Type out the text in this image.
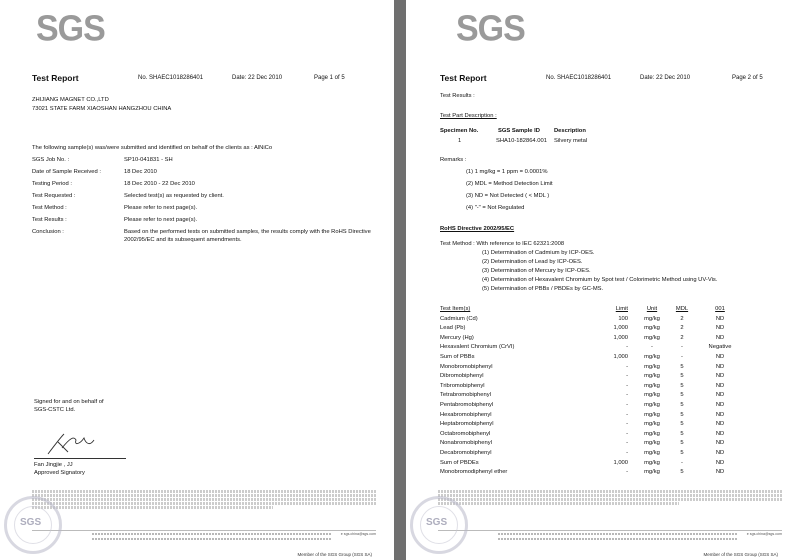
SGS
Test Report	No. SHAEC1018286401	Date: 22 Dec 2010	Page 1 of 5
ZHIJIANG MAGNET CO.,LTD
73021 STATE FARM XIAOSHAN HANGZHOU CHINA
The following sample(s) was/were submitted and identified on behalf of the clients as : AlNiCo
SGS Job No. :	SP10-041831 - SH
Date of Sample Received :	18 Dec 2010
Testing Period :	18 Dec 2010 - 22 Dec 2010
Test Requested :	Selected test(s) as requested by client.
Test Method :	Please refer to next page(s).
Test Results :	Please refer to next page(s).
Conclusion :	Based on the performed tests on submitted samples, the results comply with the RoHS Directive 2002/95/EC and its subsequent amendments.
Signed for and on behalf of
SGS-CSTC Ltd.
Fan Jingjie , JJ
Approved Signatory
e sgs.china@sgs.com
SGS
Member of the SGS Group (SGS SA)
SGS
Test Report	No. SHAEC1018286401	Date: 22 Dec 2010	Page 2 of 5
Test Results :
Test Part Description :
Specimen No.	SGS Sample ID Description
1	SHA10-182864.001 Silvery metal
Remarks :
(1) 1 mg/kg = 1 ppm = 0.0001%
(2) MDL = Method Detection Limit
(3) ND = Not Detected ( < MDL )
(4) "-" = Not Regulated
RoHS Directive 2002/95/EC
Test Method : With reference to IEC 62321:2008
(1) Determination of Cadmium by ICP-OES.
(2) Determination of Lead by ICP-OES.
(3) Determination of Mercury by ICP-OES.
(4) Determination of Hexavalent Chromium by Spot test / Colorimetric Method using UV-Vis.
(5) Determination of PBBs / PBDEs by GC-MS.
Test Item(s)	Limit	Unit	MDL	001
Cadmium (Cd)	100	mg/kg	2	ND
Lead (Pb)	1,000	mg/kg	2	ND
Mercury (Hg)	1,000	mg/kg	2	ND
Hexavalent Chromium (CrVI)	-	-	-	Negative
Sum of PBBs	1,000	mg/kg	-	ND
Monobromobiphenyl	-	mg/kg	5	ND
Dibromobiphenyl	-	mg/kg	5	ND
Tribromobiphenyl	-	mg/kg	5	ND
Tetrabromobiphenyl	-	mg/kg	5	ND
Pentabromobiphenyl	-	mg/kg	5	ND
Hexabromobiphenyl	-	mg/kg	5	ND
Heptabromobiphenyl	-	mg/kg	5	ND
Octabromobiphenyl	-	mg/kg	5	ND
Nonabromobiphenyl	-	mg/kg	5	ND
Decabromobiphenyl	-	mg/kg	5	ND
Sum of PBDEs	1,000	mg/kg	-	ND
Monobromodiphenyl ether	-	mg/kg	5	ND
e sgs.china@sgs.com
SGS
Member of the SGS Group (SGS SA)
